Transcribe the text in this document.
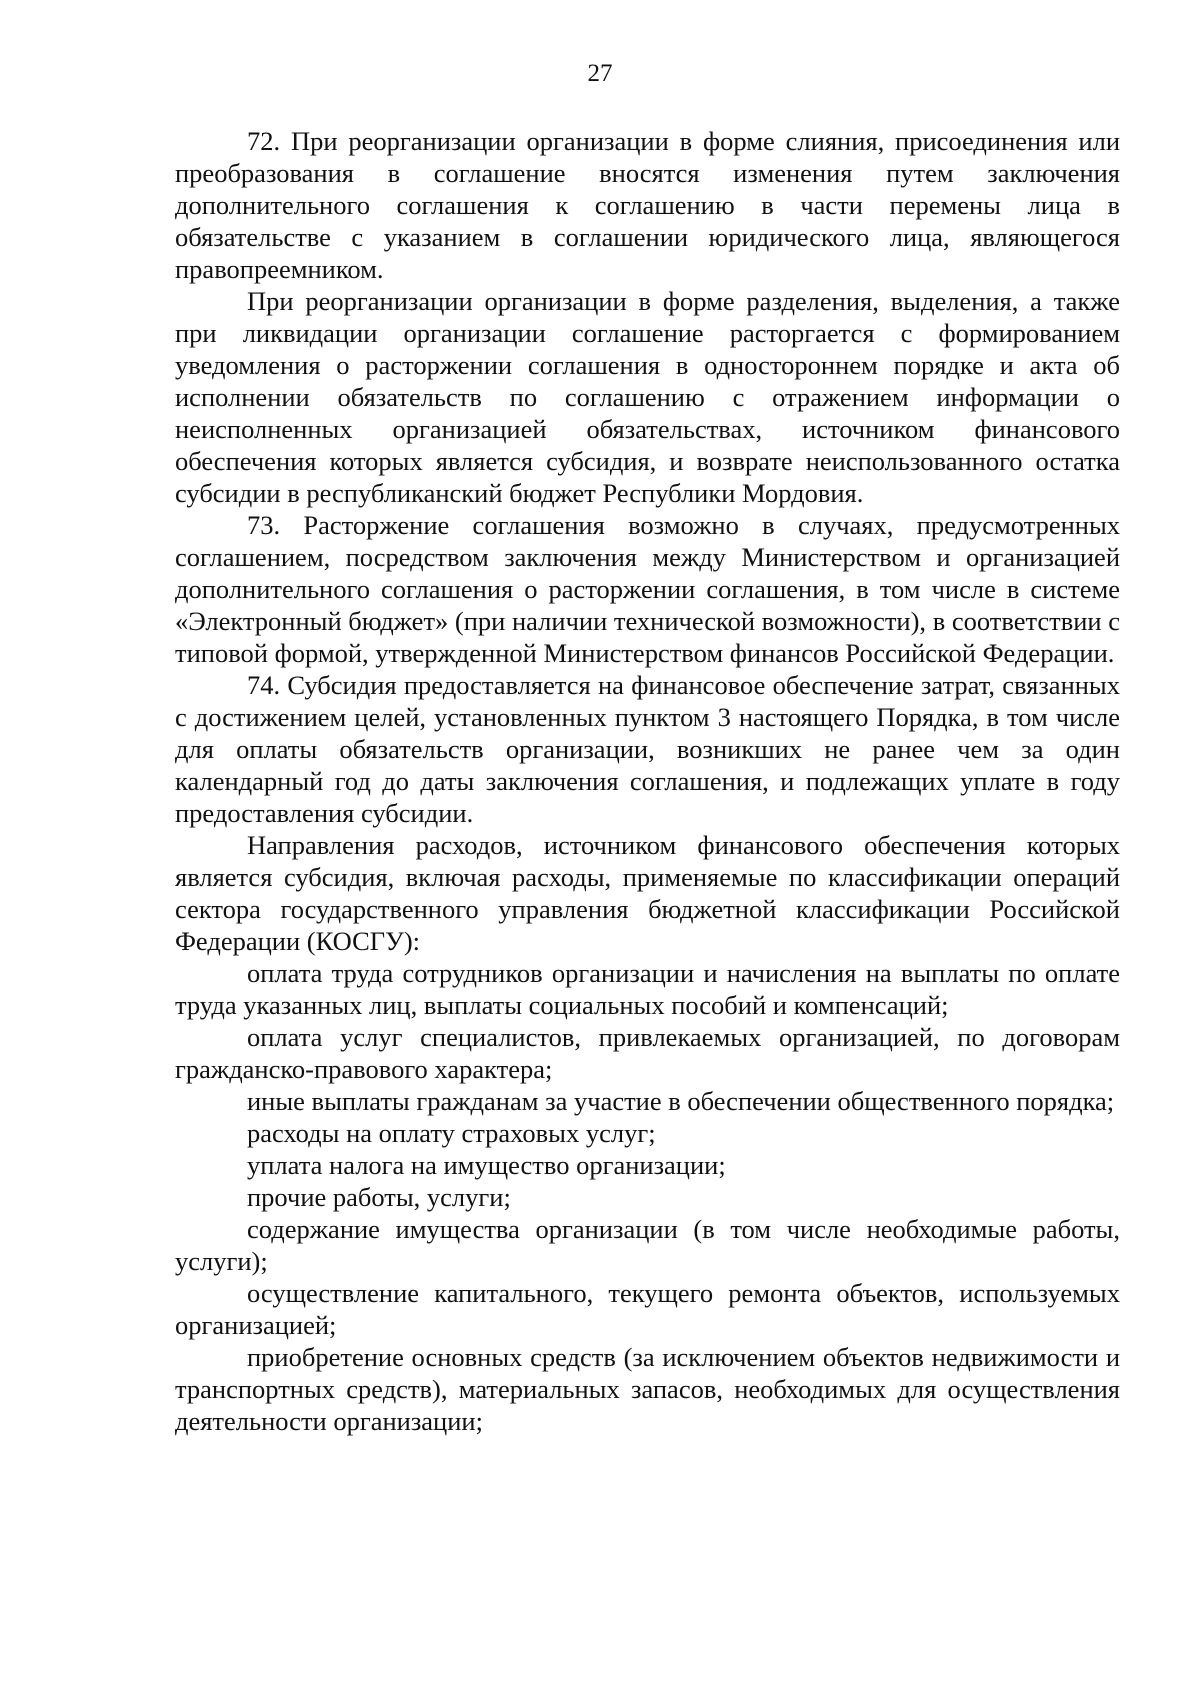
27

72. При реорганизации организации в форме слияния, присоединения или преобразования в соглашение вносятся изменения путем заключения дополнительного соглашения к соглашению в части перемены лица в обязательстве с указанием в соглашении юридического лица, являющегося правопреемником.

При реорганизации организации в форме разделения, выделения, а также при ликвидации организации соглашение расторгается с формированием уведомления о расторжении соглашения в одностороннем порядке и акта об исполнении обязательств по соглашению с отражением информации о неисполненных организацией обязательствах, источником финансового обеспечения которых является субсидия, и возврате неиспользованного остатка субсидии в республиканский бюджет Республики Мордовия.

73. Расторжение соглашения возможно в случаях, предусмотренных соглашением, посредством заключения между Министерством и организацией дополнительного соглашения о расторжении соглашения, в том числе в системе «Электронный бюджет» (при наличии технической возможности), в соответствии с типовой формой, утвержденной Министерством финансов Российской Федерации.

74. Субсидия предоставляется на финансовое обеспечение затрат, связанных с достижением целей, установленных пунктом 3 настоящего Порядка, в том числе для оплаты обязательств организации, возникших не ранее чем за один календарный год до даты заключения соглашения, и подлежащих уплате в году предоставления субсидии.

Направления расходов, источником финансового обеспечения которых является субсидия, включая расходы, применяемые по классификации операций сектора государственного управления бюджетной классификации Российской Федерации (КОСГУ):

оплата труда сотрудников организации и начисления на выплаты по оплате труда указанных лиц, выплаты социальных пособий и компенсаций;

оплата услуг специалистов, привлекаемых организацией, по договорам гражданско-правового характера;

иные выплаты гражданам за участие в обеспечении общественного порядка;

расходы на оплату страховых услуг;

уплата налога на имущество организации;

прочие работы, услуги;

содержание имущества организации (в том числе необходимые работы, услуги);

осуществление капитального, текущего ремонта объектов, используемых организацией;

приобретение основных средств (за исключением объектов недвижимости и транспортных средств), материальных запасов, необходимых для осуществления деятельности организации;
